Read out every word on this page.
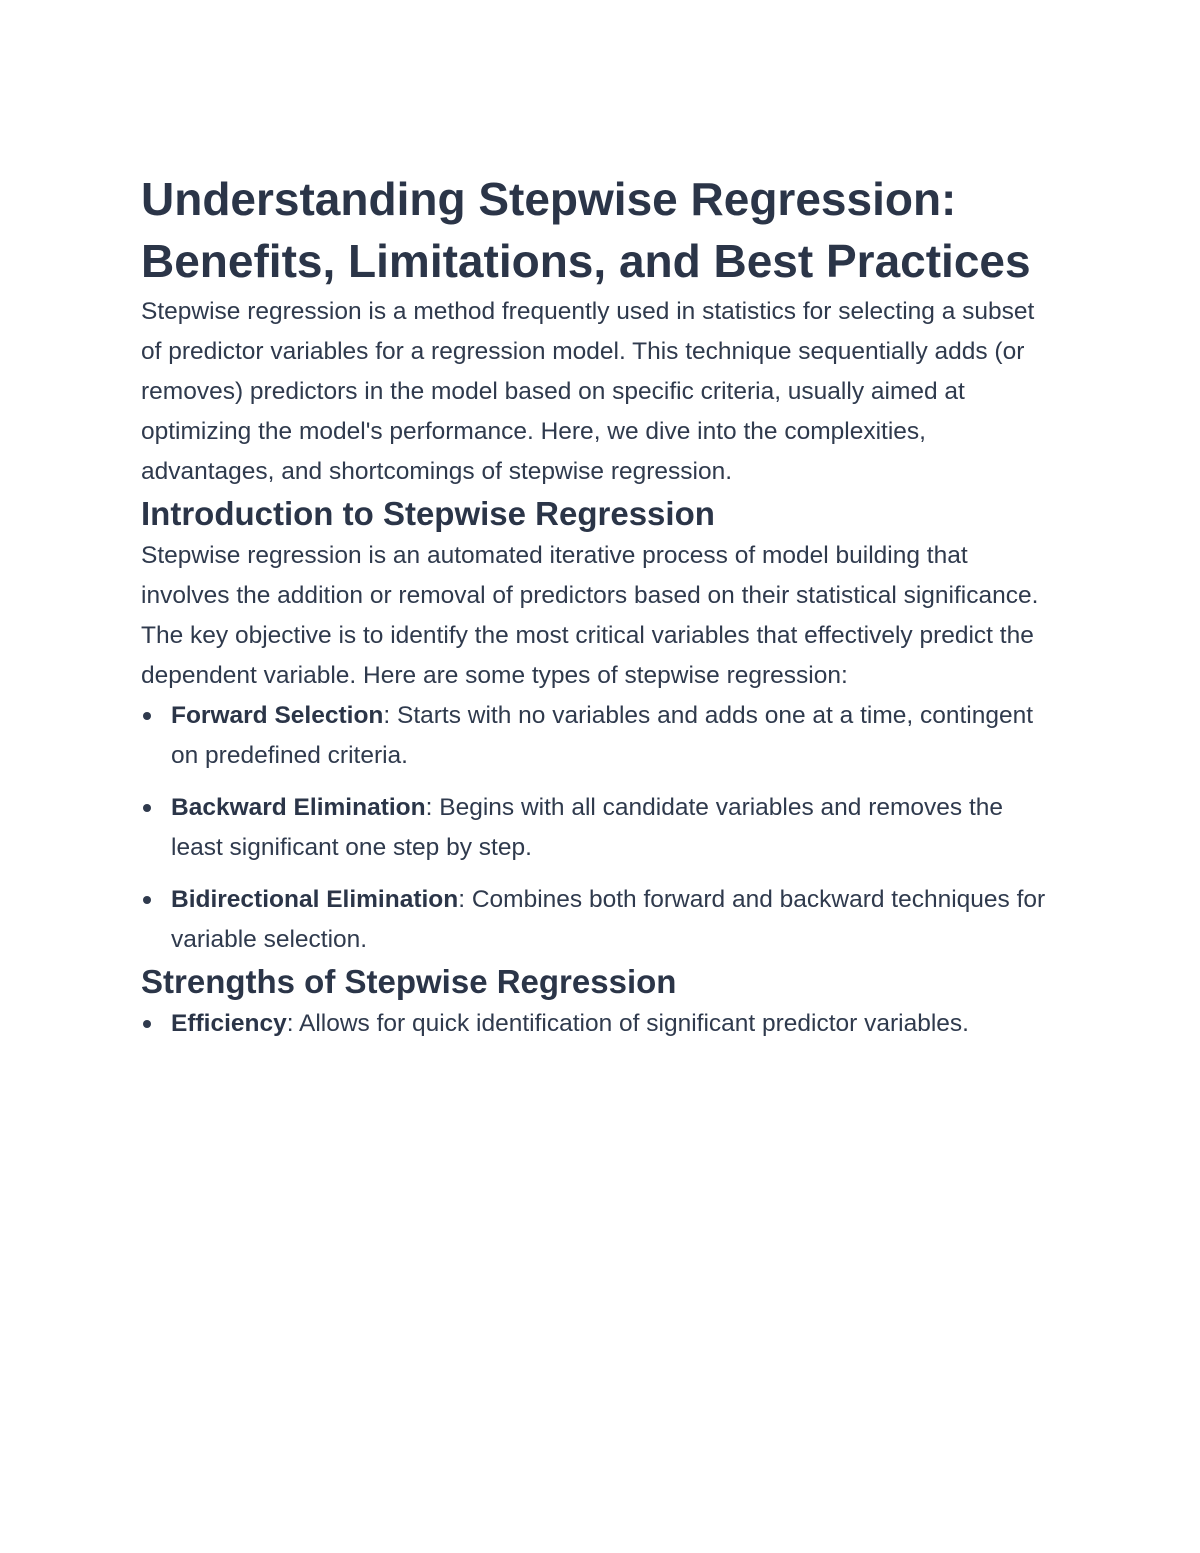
Understanding Stepwise Regression: Benefits, Limitations, and Best Practices

Stepwise regression is a method frequently used in statistics for selecting a subset of predictor variables for a regression model. This technique sequentially adds (or removes) predictors in the model based on specific criteria, usually aimed at optimizing the model's performance. Here, we dive into the complexities, advantages, and shortcomings of stepwise regression.

Introduction to Stepwise Regression

Stepwise regression is an automated iterative process of model building that involves the addition or removal of predictors based on their statistical significance. The key objective is to identify the most critical variables that effectively predict the dependent variable. Here are some types of stepwise regression:

Forward Selection: Starts with no variables and adds one at a time, contingent on predefined criteria.
Backward Elimination: Begins with all candidate variables and removes the least significant one step by step.
Bidirectional Elimination: Combines both forward and backward techniques for variable selection.
Strengths of Stepwise Regression
Efficiency: Allows for quick identification of significant predictor variables.
